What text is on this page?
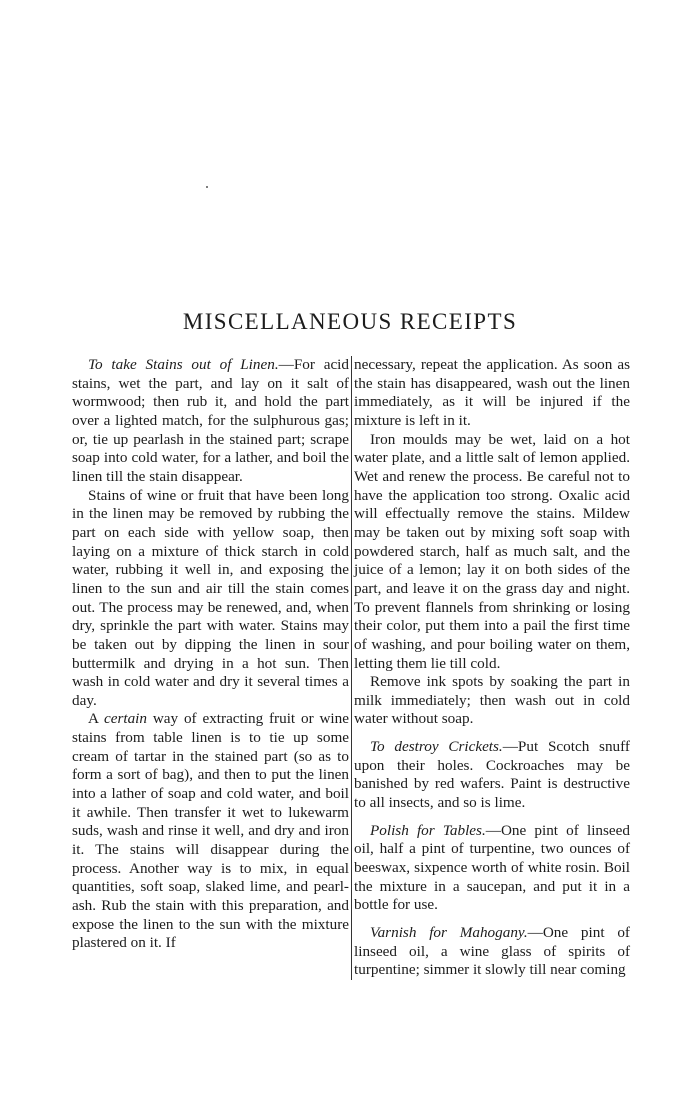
MISCELLANEOUS RECEIPTS

To take Stains out of Linen.—For acid stains, wet the part, and lay on it salt of wormwood; then rub it, and hold the part over a lighted match, for the sulphurous gas; or, tie up pearlash in the stained part; scrape soap into cold water, for a lather, and boil the linen till the stain disappear.

Stains of wine or fruit that have been long in the linen may be removed by rubbing the part on each side with yellow soap, then laying on a mixture of thick starch in cold water, rubbing it well in, and exposing the linen to the sun and air till the stain comes out. The process may be renewed, and, when dry, sprinkle the part with water. Stains may be taken out by dipping the linen in sour buttermilk and drying in a hot sun. Then wash in cold water and dry it several times a day.

A certain way of extracting fruit or wine stains from table linen is to tie up some cream of tartar in the stained part (so as to form a sort of bag), and then to put the linen into a lather of soap and cold water, and boil it awhile. Then transfer it wet to lukewarm suds, wash and rinse it well, and dry and iron it. The stains will disappear during the process. Another way is to mix, in equal quantities, soft soap, slaked lime, and pearl-ash. Rub the stain with this preparation, and expose the linen to the sun with the mixture plastered on it. If

necessary, repeat the application. As soon as the stain has disappeared, wash out the linen immediately, as it will be injured if the mixture is left in it.

Iron moulds may be wet, laid on a hot water plate, and a little salt of lemon applied. Wet and renew the process. Be careful not to have the application too strong. Oxalic acid will effectually remove the stains. Mildew may be taken out by mixing soft soap with powdered starch, half as much salt, and the juice of a lemon; lay it on both sides of the part, and leave it on the grass day and night. To prevent flannels from shrinking or losing their color, put them into a pail the first time of washing, and pour boiling water on them, letting them lie till cold.

Remove ink spots by soaking the part in milk immediately; then wash out in cold water without soap.

To destroy Crickets.—Put Scotch snuff upon their holes. Cockroaches may be banished by red wafers. Paint is destructive to all insects, and so is lime.

Polish for Tables.—One pint of linseed oil, half a pint of turpentine, two ounces of beeswax, sixpence worth of white rosin. Boil the mixture in a saucepan, and put it in a bottle for use.

Varnish for Mahogany.—One pint of linseed oil, a wine glass of spirits of turpentine; simmer it slowly till near coming
